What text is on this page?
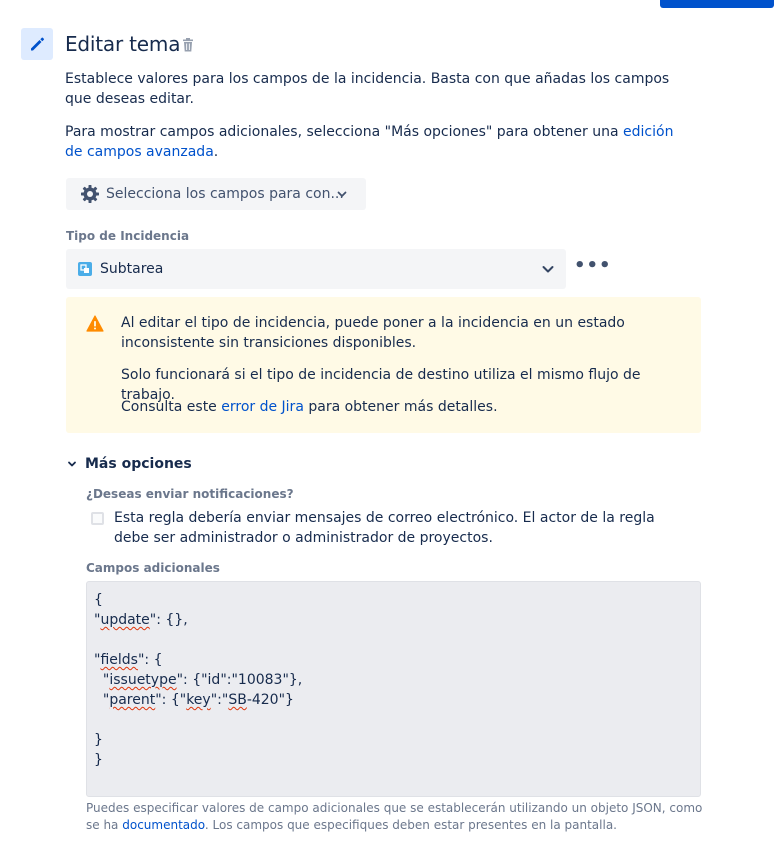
Editar tema
Establece valores para los campos de la incidencia. Basta con que añadas los campos que deseas editar.
Para mostrar campos adicionales, selecciona "Más opciones" para obtener una edición de campos avanzada.
Selecciona los campos para con...
Tipo de Incidencia
Subtarea	•••
Al editar el tipo de incidencia, puede poner a la incidencia en un estado inconsistente sin transiciones disponibles.
Solo funcionará si el tipo de incidencia de destino utiliza el mismo flujo de trabajo.
Consulta este error de Jira para obtener más detalles.
Más opciones
¿Deseas enviar notificaciones?
Esta regla debería enviar mensajes de correo electrónico. El actor de la regla debe ser administrador o administrador de proyectos.
Campos adicionales
{
"update": {},
"fields": {
"issuetype": {"id":"10083"},
"parent": {"key":"SB-420"}
}
}
Puedes especificar valores de campo adicionales que se establecerán utilizando un objeto JSON, como se ha documentado. Los campos que especifiques deben estar presentes en la pantalla.
